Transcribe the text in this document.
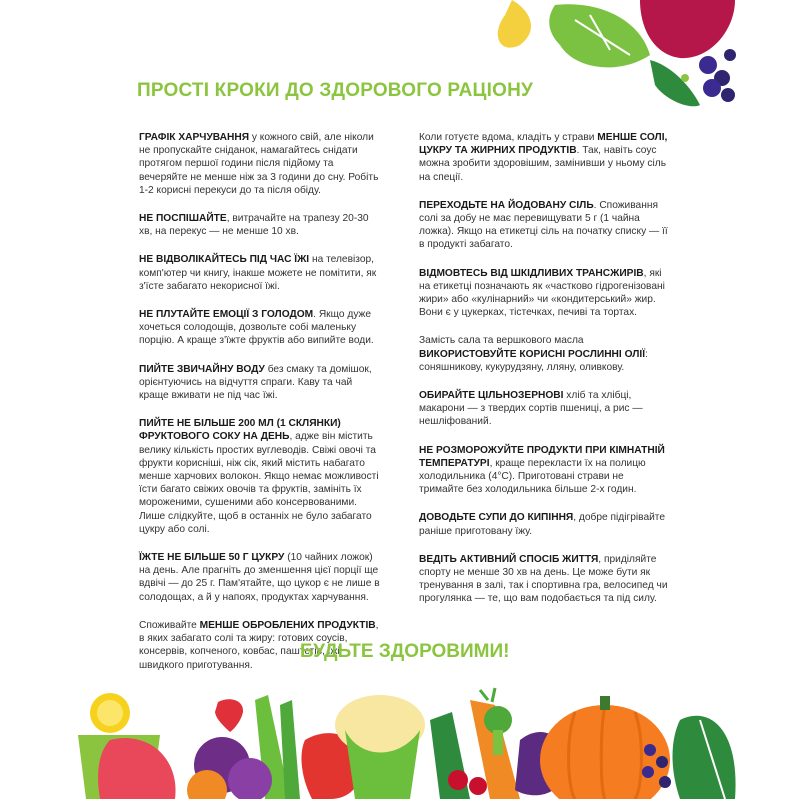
ПРОСТІ КРОКИ ДО ЗДОРОВОГО РАЦІОНУ

ГРАФІК ХАРЧУВАННЯ у кожного свій, але ніколи не пропускайте сніданок, намагайтесь снідати протягом першої години після підйому та вечеряйте не менше ніж за 3 години до сну. Робіть 1-2 корисні перекуси до та після обіду.

НЕ ПОСПІШАЙТЕ, витрачайте на трапезу 20-30 хв, на перекус — не менше 10 хв.

НЕ ВІДВОЛІКАЙТЕСЬ ПІД ЧАС ЇЖІ на телевізор, комп'ютер чи книгу, інакше можете не помітити, як з'їсте забагато некорисної їжі.

НЕ ПЛУТАЙТЕ ЕМОЦІЇ З ГОЛОДОМ. Якщо дуже хочеться солодощів, дозвольте собі маленьку порцію. А краще з'їжте фруктів або випийте води.

ПИЙТЕ ЗВИЧАЙНУ ВОДУ без смаку та домішок, орієнтуючись на відчуття спраги. Каву та чай краще вживати не під час їжі.

ПИЙТЕ НЕ БІЛЬШЕ 200 МЛ (1 СКЛЯНКИ) ФРУКТОВОГО СОКУ НА ДЕНЬ, адже він містить велику кількість простих вуглеводів. Свіжі овочі та фрукти корисніші, ніж сік, який містить набагато менше харчових волокон. Якщо немає можливості їсти багато свіжих овочів та фруктів, замініть їх мороженими, сушеними або консервованими. Лише слідкуйте, щоб в останніх не було забагато цукру або солі.

ЇЖТЕ НЕ БІЛЬШЕ 50 Г ЦУКРУ (10 чайних ложок) на день. Але прагніть до зменшення цієї порції ще вдвічі — до 25 г. Пам'ятайте, що цукор є не лише в солодощах, а й у напоях, продуктах харчування.

Споживайте МЕНШЕ ОБРОБЛЕНИХ ПРОДУКТІВ, в яких забагато солі та жиру: готових соусів, консервів, копченого, ковбас, паштетів, їжі швидкого приготування.

Коли готуєте вдома, кладіть у страви МЕНШЕ СОЛІ, ЦУКРУ ТА ЖИРНИХ ПРОДУКТІВ. Так, навіть соус можна зробити здоровішим, замінивши у ньому сіль на спеції.

ПЕРЕХОДЬТЕ НА ЙОДОВАНУ СІЛЬ. Споживання солі за добу не має перевищувати 5 г (1 чайна ложка). Якщо на етикетці сіль на початку списку — її в продукті забагато.

ВІДМОВТЕСЬ ВІД ШКІДЛИВИХ ТРАНСЖИРІВ, які на етикетці позначають як «частково гідрогенізовані жири» або «кулінарний» чи «кондитерський» жир. Вони є у цукерках, тістечках, печиві та тортах.

Замість сала та вершкового масла ВИКОРИСТОВУЙТЕ КОРИСНІ РОСЛИННІ ОЛІЇ: соняшникову, кукурудзяну, лляну, оливкову.

ОБИРАЙТЕ ЦІЛЬНОЗЕРНОВІ хліб та хлібці, макарони — з твердих сортів пшениці, а рис — нешліфований.

НЕ РОЗМОРОЖУЙТЕ ПРОДУКТИ ПРИ КІМНАТНІЙ ТЕМПЕРАТУРІ, краще перекласти їх на полицю холодильника (4°C). Приготовані страви не тримайте без холодильника більше 2-х годин.

ДОВОДЬТЕ СУПИ ДО КИПІННЯ, добре підігрівайте раніше приготовану їжу.

ВЕДІТЬ АКТИВНИЙ СПОСІБ ЖИТТЯ, приділяйте спорту не менше 30 хв на день. Це може бути як тренування в залі, так і спортивна гра, велосипед чи прогулянка — те, що вам подобається та під силу.

БУДЬТЕ ЗДОРОВИМИ!
